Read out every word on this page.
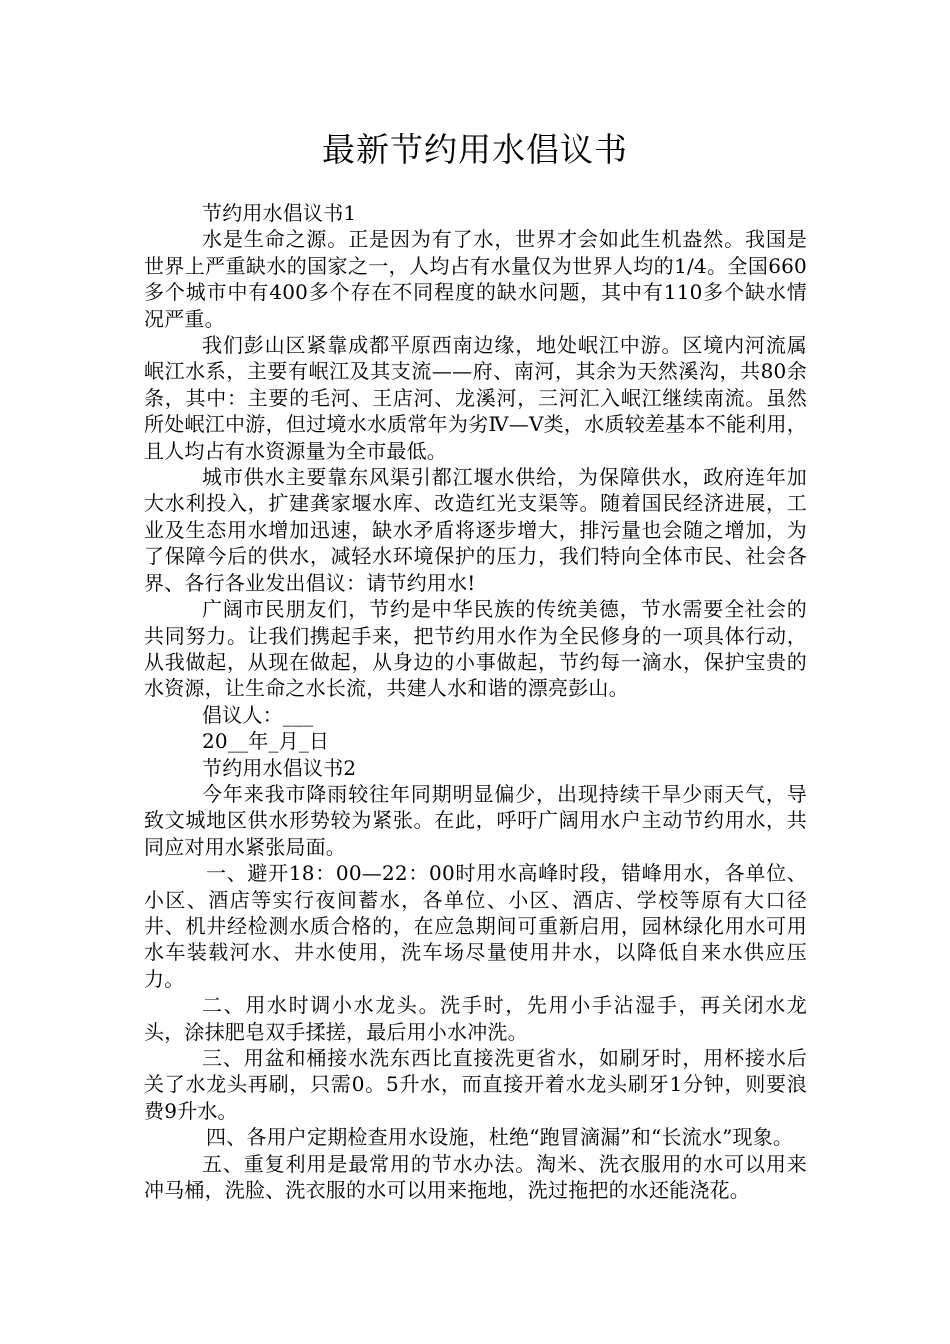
最新节约用水倡议书

节约用水倡议书1

水是生命之源。正是因为有了水，世界才会如此生机盎然。我国是世界上严重缺水的国家之一，人均占有水量仅为世界人均的1/4。全国660多个城市中有400多个存在不同程度的缺水问题，其中有110多个缺水情况严重。

我们彭山区紧靠成都平原西南边缘，地处岷江中游。区境内河流属岷江水系，主要有岷江及其支流——府、南河，其余为天然溪沟，共80余条，其中：主要的毛河、王店河、龙溪河，三河汇入岷江继续南流。虽然所处岷江中游，但过境水水质常年为劣Ⅳ—Ⅴ类，水质较差基本不能利用，且人均占有水资源量为全市最低。

城市供水主要靠东风渠引都江堰水供给，为保障供水，政府连年加大水利投入，扩建龚家堰水库、改造红光支渠等。随着国民经济进展，工业及生态用水增加迅速，缺水矛盾将逐步增大，排污量也会随之增加，为了保障今后的供水，减轻水环境保护的压力，我们特向全体市民、社会各界、各行各业发出倡议：请节约用水!

广阔市民朋友们，节约是中华民族的传统美德，节水需要全社会的共同努力。让我们携起手来，把节约用水作为全民修身的一项具体行动，从我做起，从现在做起，从身边的小事做起，节约每一滴水，保护宝贵的水资源，让生命之水长流，共建人水和谐的漂亮彭山。

倡议人：___

20__年_月_日

节约用水倡议书2

今年来我市降雨较往年同期明显偏少，出现持续干旱少雨天气，导致文城地区供水形势较为紧张。在此，呼吁广阔用水户主动节约用水，共同应对用水紧张局面。

一、避开18：00—22：00时用水高峰时段，错峰用水，各单位、小区、酒店等实行夜间蓄水，各单位、小区、酒店、学校等原有大口径井、机井经检测水质合格的，在应急期间可重新启用，园林绿化用水可用水车装载河水、井水使用，洗车场尽量使用井水，以降低自来水供应压力。

二、用水时调小水龙头。洗手时，先用小手沾湿手，再关闭水龙头，涂抹肥皂双手揉搓，最后用小水冲洗。

三、用盆和桶接水洗东西比直接洗更省水，如刷牙时，用杯接水后关了水龙头再刷，只需0。5升水，而直接开着水龙头刷牙1分钟，则要浪费9升水。

四、各用户定期检查用水设施，杜绝“跑冒滴漏”和“长流水”现象。

五、重复利用是最常用的节水办法。淘米、洗衣服用的水可以用来冲马桶，洗脸、洗衣服的水可以用来拖地，洗过拖把的水还能浇花。
